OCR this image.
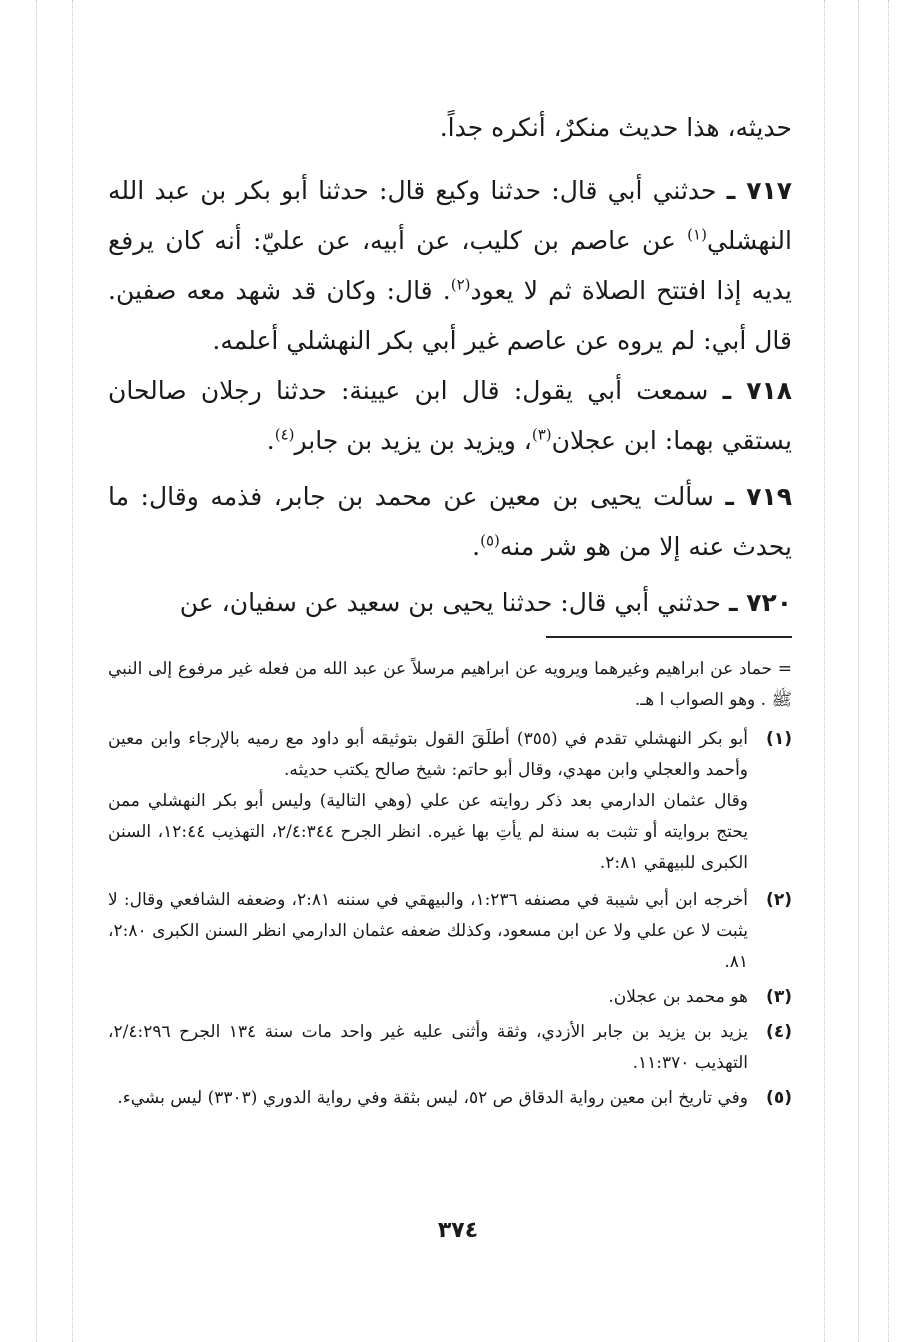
حديثه، هذا حديث منكرٌ، أنكره جداً.
٧١٧ ـ حدثني أبي قال: حدثنا وكيع قال: حدثنا أبو بكر بن عبد الله النهشلي$^{(١)}$ عن عاصم بن كليب، عن أبيه، عن عليّ: أنه كان يرفع يديه إذا افتتح الصلاة ثم لا يعود$^{(٢)}$. قال: وكان قد شهد معه صفين. قال أبي: لم يروه عن عاصم غير أبي بكر النهشلي أعلمه.
٧١٨ ـ سمعت أبي يقول: قال ابن عيينة: حدثنا رجلان صالحان يستقي بهما: ابن عجلان$^{(٣)}$، ويزيد بن يزيد بن جابر$^{(٤)}$.
٧١٩ ـ سألت يحيى بن معين عن محمد بن جابر، فذمه وقال: ما يحدث عنه إلا من هو شر منه$^{(٥)}$.
٧٢٠ ـ حدثني أبي قال: حدثنا يحيى بن سعيد عن سفيان، عن
= حماد عن ابراهيم وغيرهما ويرويه عن ابراهيم مرسلاً عن عبد الله من فعله غير مرفوع إلى النبي ﷺ . وهو الصواب ا هـ.
(١)
أبو بكر النهشلي تقدم في (٣٥٥) أطلَقَ القول بتوثيقه أبو داود مع رميه بالإرجاء وابن معين وأحمد والعجلي وابن مهدي، وقال أبو حاتم: شيخ صالح يكتب حديثه.
وقال عثمان الدارمي بعد ذكر روايته عن علي (وهي التالية) وليس أبو بكر النهشلي ممن يحتج بروايته أو تثبت به سنة لم يأتِ بها غيره. انظر الجرح ٢/٤:٣٤٤، التهذيب ١٢:٤٤، السنن الكبرى للبيهقي ٢:٨١.
(٢)
أخرجه ابن أبي شيبة في مصنفه ١:٢٣٦، والبيهقي في سننه ٢:٨١، وضعفه الشافعي وقال: لا يثبت لا عن علي ولا عن ابن مسعود، وكذلك ضعفه عثمان الدارمي انظر السنن الكبرى ٢:٨٠، ٨١.
(٣)
هو محمد بن عجلان.
(٤)
يزيد بن يزيد بن جابر الأزدي، وثقة وأثنى عليه غير واحد مات سنة ١٣٤ الجرح ٢/٤:٢٩٦، التهذيب ١١:٣٧٠.
(٥)
وفي تاريخ ابن معين رواية الدقاق ص ٥٢، ليس بثقة وفي رواية الدوري (٣٣٠٣) ليس بشيء.
٣٧٤
